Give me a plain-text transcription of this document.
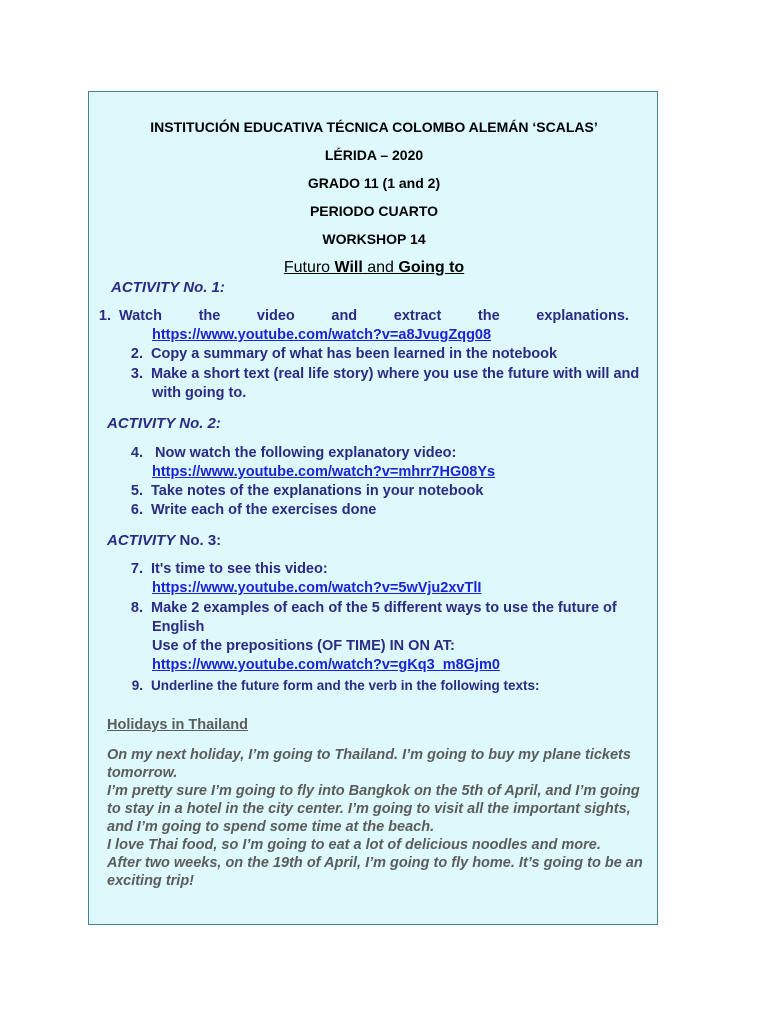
INSTITUCIÓN EDUCATIVA TÉCNICA COLOMBO ALEMÁN ‘SCALAS’
LÉRIDA – 2020
GRADO 11 (1 and 2)
PERIODO CUARTO
WORKSHOP 14
Futuro Will and Going to
ACTIVITY No. 1:
1. Watch	the	video	and	extract	the	explanations.
https://www.youtube.com/watch?v=a8JvugZqg08
2. Copy a summary of what has been learned in the notebook
3. Make a short text (real life story) where you use the future with will and
with going to.
ACTIVITY No. 2:
4. Now watch the following explanatory video:
https://www.youtube.com/watch?v=mhrr7HG08Ys
5. Take notes of the explanations in your notebook
6. Write each of the exercises done
ACTIVITY No. 3:
7. It's time to see this video:
https://www.youtube.com/watch?v=5wVju2xvTlI
8. Make 2 examples of each of the 5 different ways to use the future of
English
Use of the prepositions (OF TIME) IN ON AT:
https://www.youtube.com/watch?v=gKq3_m8Gjm0
9. Underline the future form and the verb in the following texts:
Holidays in Thailand
On my next holiday, I’m going to Thailand. I’m going to buy my plane tickets
tomorrow.
I’m pretty sure I’m going to fly into Bangkok on the 5th of April, and I’m going
to stay in a hotel in the city center. I’m going to visit all the important sights,
and I’m going to spend some time at the beach.
I love Thai food, so I’m going to eat a lot of delicious noodles and more.
After two weeks, on the 19th of April, I’m going to fly home. It’s going to be an
exciting trip!
